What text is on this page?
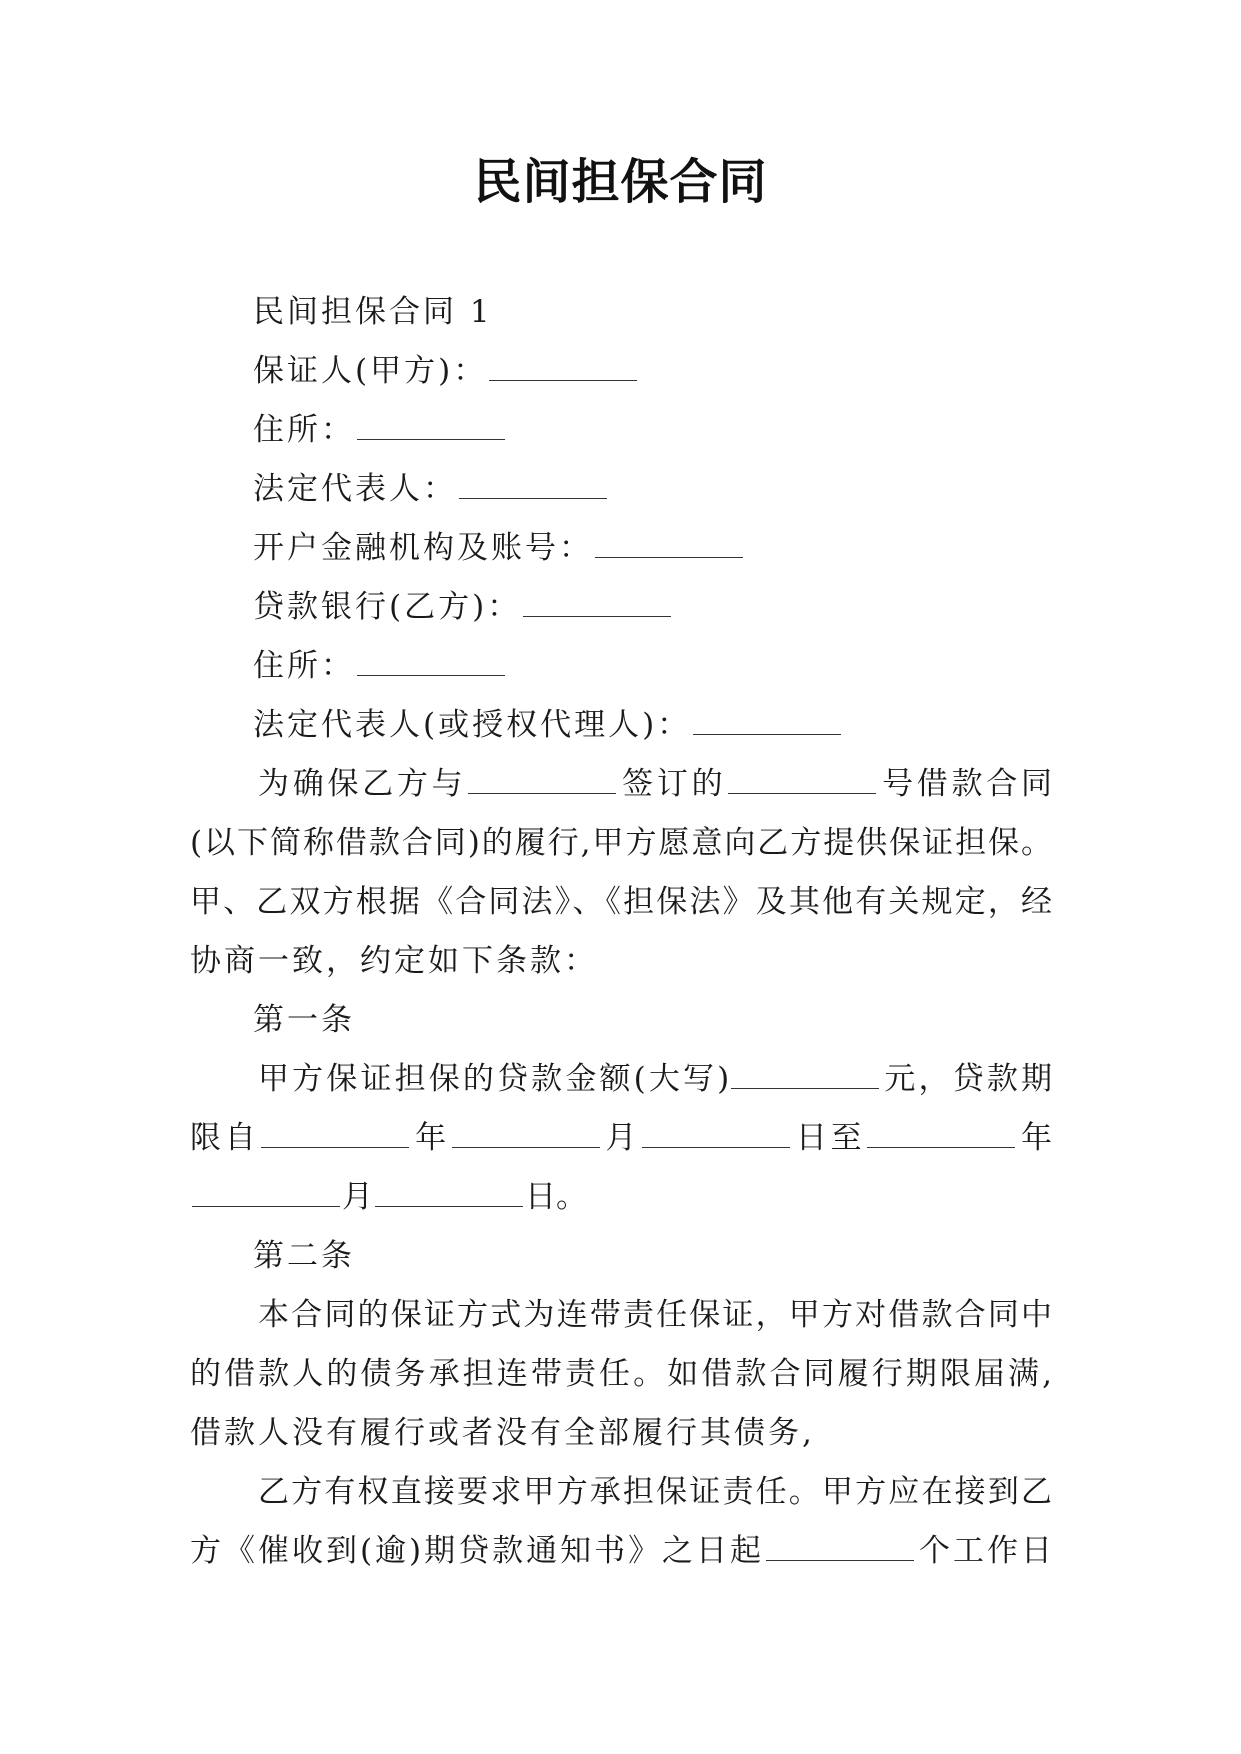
民间担保合同
民间担保合同 1
保证人(甲方)：
住所：
法定代表人：
开户金融机构及账号：
贷款银行(乙方)：
住所：
法定代表人(或授权代理人)：
为确保乙方与	签订的	号借款合同
(以下简称借款合同)的履行,甲方愿意向乙方提供保证担保。
甲、乙双方根据《合同法》、《担保法》及其他有关规定，经
协商一致，约定如下条款：
第一条
甲方保证担保的贷款金额(大写)	元，贷款期
限自	年	月	日至	年
月	日。
第二条
本合同的保证方式为连带责任保证，甲方对借款合同中
的借款人的债务承担连带责任。如借款合同履行期限届满,
借款人没有履行或者没有全部履行其债务,
乙方有权直接要求甲方承担保证责任。甲方应在接到乙
方《催收到(逾)期贷款通知书》之日起	个工作日
